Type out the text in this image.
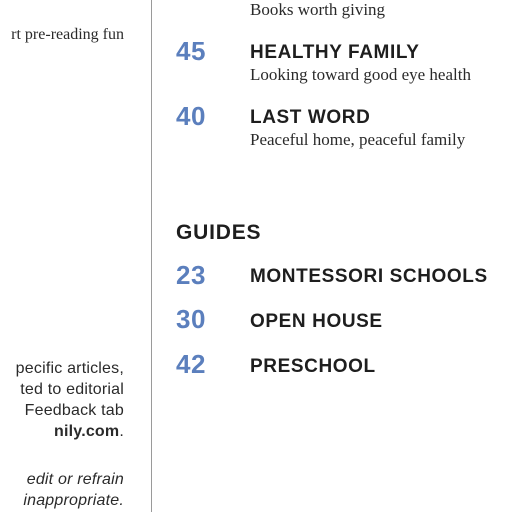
rt pre-reading fun
pecific articles,
ted to editorial
Feedback tab
nily.com.
edit or refrain
inappropriate.
Books worth giving
45 HEALTHY FAMILY
Looking toward good eye health
40 LAST WORD
Peaceful home, peaceful family
GUIDES
23 MONTESSORI SCHOOLS
30 OPEN HOUSE
42 PRESCHOOL
